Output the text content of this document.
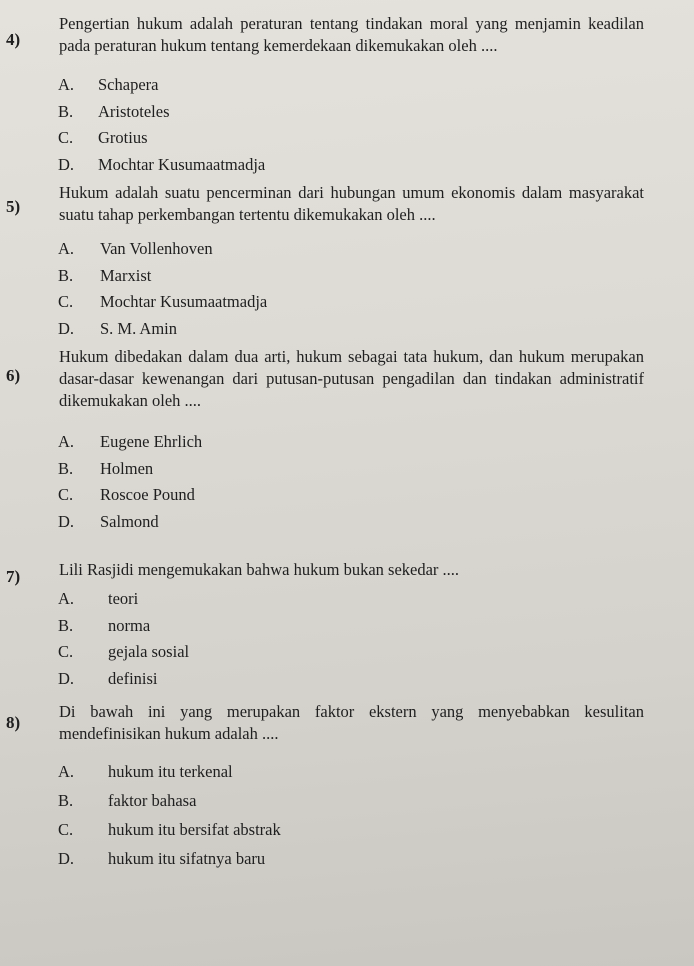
4)
Pengertian hukum adalah peraturan tentang tindakan moral yang menjamin keadilan pada peraturan hukum tentang kemerdekaan dikemukakan oleh ....
A. Schapera
B. Aristoteles
C. Grotius
D. Mochtar Kusumaatmadja
5)
Hukum adalah suatu pencerminan dari hubungan umum ekonomis dalam masyarakat suatu tahap perkembangan tertentu dikemukakan oleh ....
A. Van Vollenhoven
B. Marxist
C. Mochtar Kusumaatmadja
D. S. M. Amin
6)
Hukum dibedakan dalam dua arti, hukum sebagai tata hukum, dan hukum merupakan dasar-dasar kewenangan dari putusan-putusan pengadilan dan tindakan administratif dikemukakan oleh ....
A. Eugene Ehrlich
B. Holmen
C. Roscoe Pound
D. Salmond
7) Lili Rasjidi mengemukakan bahwa hukum bukan sekedar ....
A. teori
B. norma
C. gejala sosial
D. definisi
8)
Di bawah ini yang merupakan faktor ekstern yang menyebabkan kesulitan mendefinisikan hukum adalah ....
A. hukum itu terkenal
B. faktor bahasa
C. hukum itu bersifat abstrak
D. hukum itu sifatnya baru
